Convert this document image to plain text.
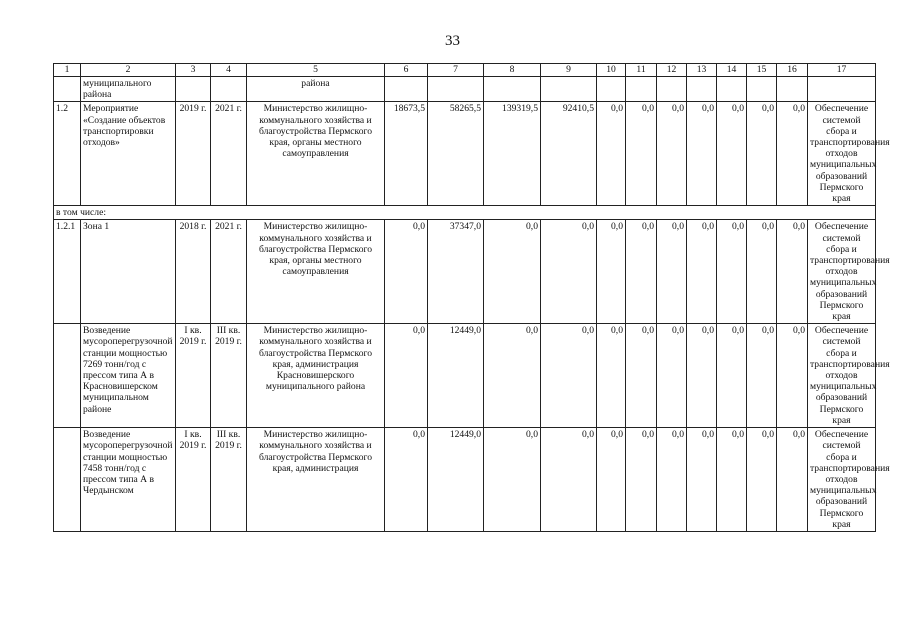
33
1	2	3	4	5	6	7	8	9	10	11	12	13	14	15	16	17
	муниципального района			района												
1.2	Мероприятие «Создание объектов транспортировки отходов»	2019 г.	2021 г.	Министерство жилищно-коммунального хозяйства и благоустройства Пермского края, органы местного самоуправления	18673,5	58265,5	139319,5	92410,5	0,0	0,0	0,0	0,0	0,0	0,0	0,0	Обеспечение системой сбора и транспортирования отходов муниципальных образований Пермского края
в том числе:																
1.2.1	Зона 1	2018 г.	2021 г.	Министерство жилищно-коммунального хозяйства и благоустройства Пермского края, органы местного самоуправления	0,0	37347,0	0,0	0,0	0,0	0,0	0,0	0,0	0,0	0,0	0,0	Обеспечение системой сбора и транспортирования отходов муниципальных образований Пермского края
	Возведение мусороперегрузочной станции мощностью 7269 тонн/год с прессом типа А в Красновишерском муниципальном районе	I кв. 2019 г.	III кв. 2019 г.	Министерство жилищно-коммунального хозяйства и благоустройства Пермского края, администрация Красновишерского муниципального района	0,0	12449,0	0,0	0,0	0,0	0,0	0,0	0,0	0,0	0,0	0,0	Обеспечение системой сбора и транспортирования отходов муниципальных образований Пермского края
	Возведение мусороперегрузочной станции мощностью 7458 тонн/год с прессом типа А в Чердынском	I кв. 2019 г.	III кв. 2019 г.	Министерство жилищно-коммунального хозяйства и благоустройства Пермского края, администрация	0,0	12449,0	0,0	0,0	0,0	0,0	0,0	0,0	0,0	0,0	0,0	Обеспечение системой сбора и транспортирования отходов муниципальных образований Пермского края
